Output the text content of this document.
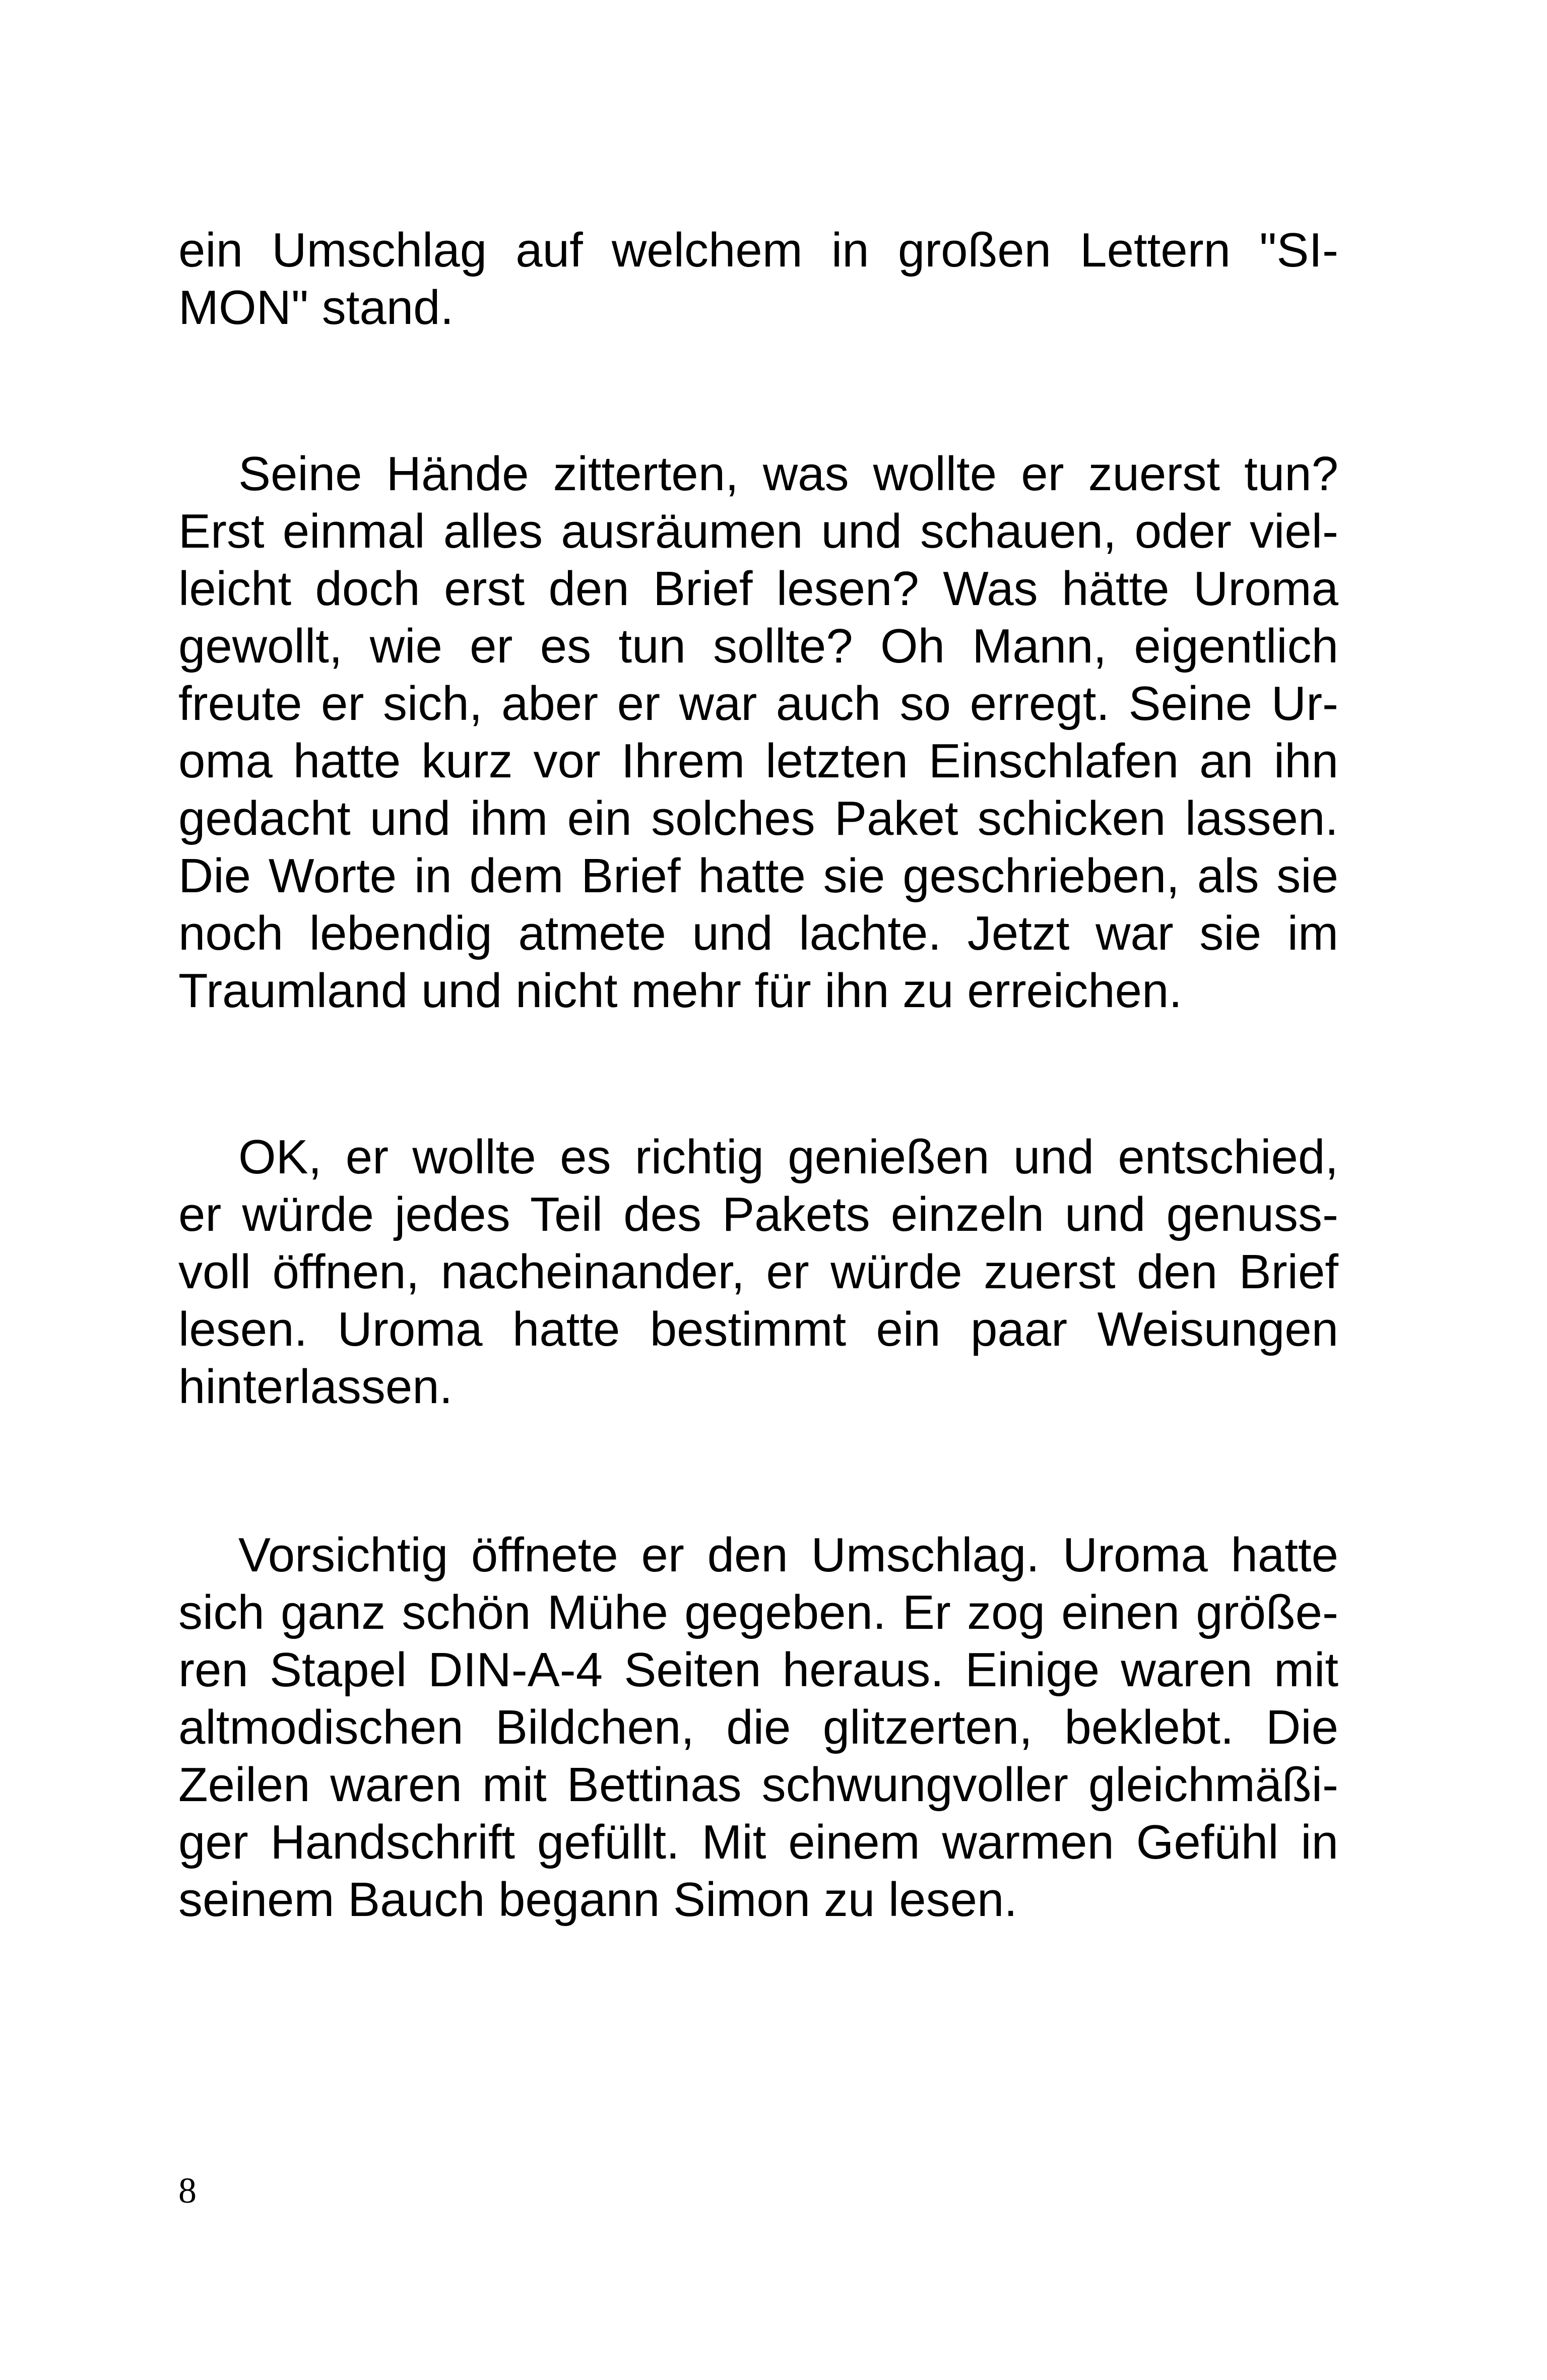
ein Umschlag auf welchem in großen Lettern "SI-
MON" stand.
Seine Hände zitterten, was wollte er zuerst tun?
Erst einmal alles ausräumen und schauen, oder viel-
leicht doch erst den Brief lesen? Was hätte Uroma
gewollt, wie er es tun sollte? Oh Mann, eigentlich
freute er sich, aber er war auch so erregt. Seine Ur-
oma hatte kurz vor Ihrem letzten Einschlafen an ihn
gedacht und ihm ein solches Paket schicken lassen.
Die Worte in dem Brief hatte sie geschrieben, als sie
noch lebendig atmete und lachte. Jetzt war sie im
Traumland und nicht mehr für ihn zu erreichen.
OK, er wollte es richtig genießen und entschied,
er würde jedes Teil des Pakets einzeln und genuss-
voll öffnen, nacheinander, er würde zuerst den Brief
lesen. Uroma hatte bestimmt ein paar Weisungen
hinterlassen.
Vorsichtig öffnete er den Umschlag. Uroma hatte
sich ganz schön Mühe gegeben. Er zog einen größe-
ren Stapel DIN-A-4 Seiten heraus. Einige waren mit
altmodischen Bildchen, die glitzerten, beklebt. Die
Zeilen waren mit Bettinas schwungvoller gleichmäßi-
ger Handschrift gefüllt. Mit einem warmen Gefühl in
seinem Bauch begann Simon zu lesen.
8
